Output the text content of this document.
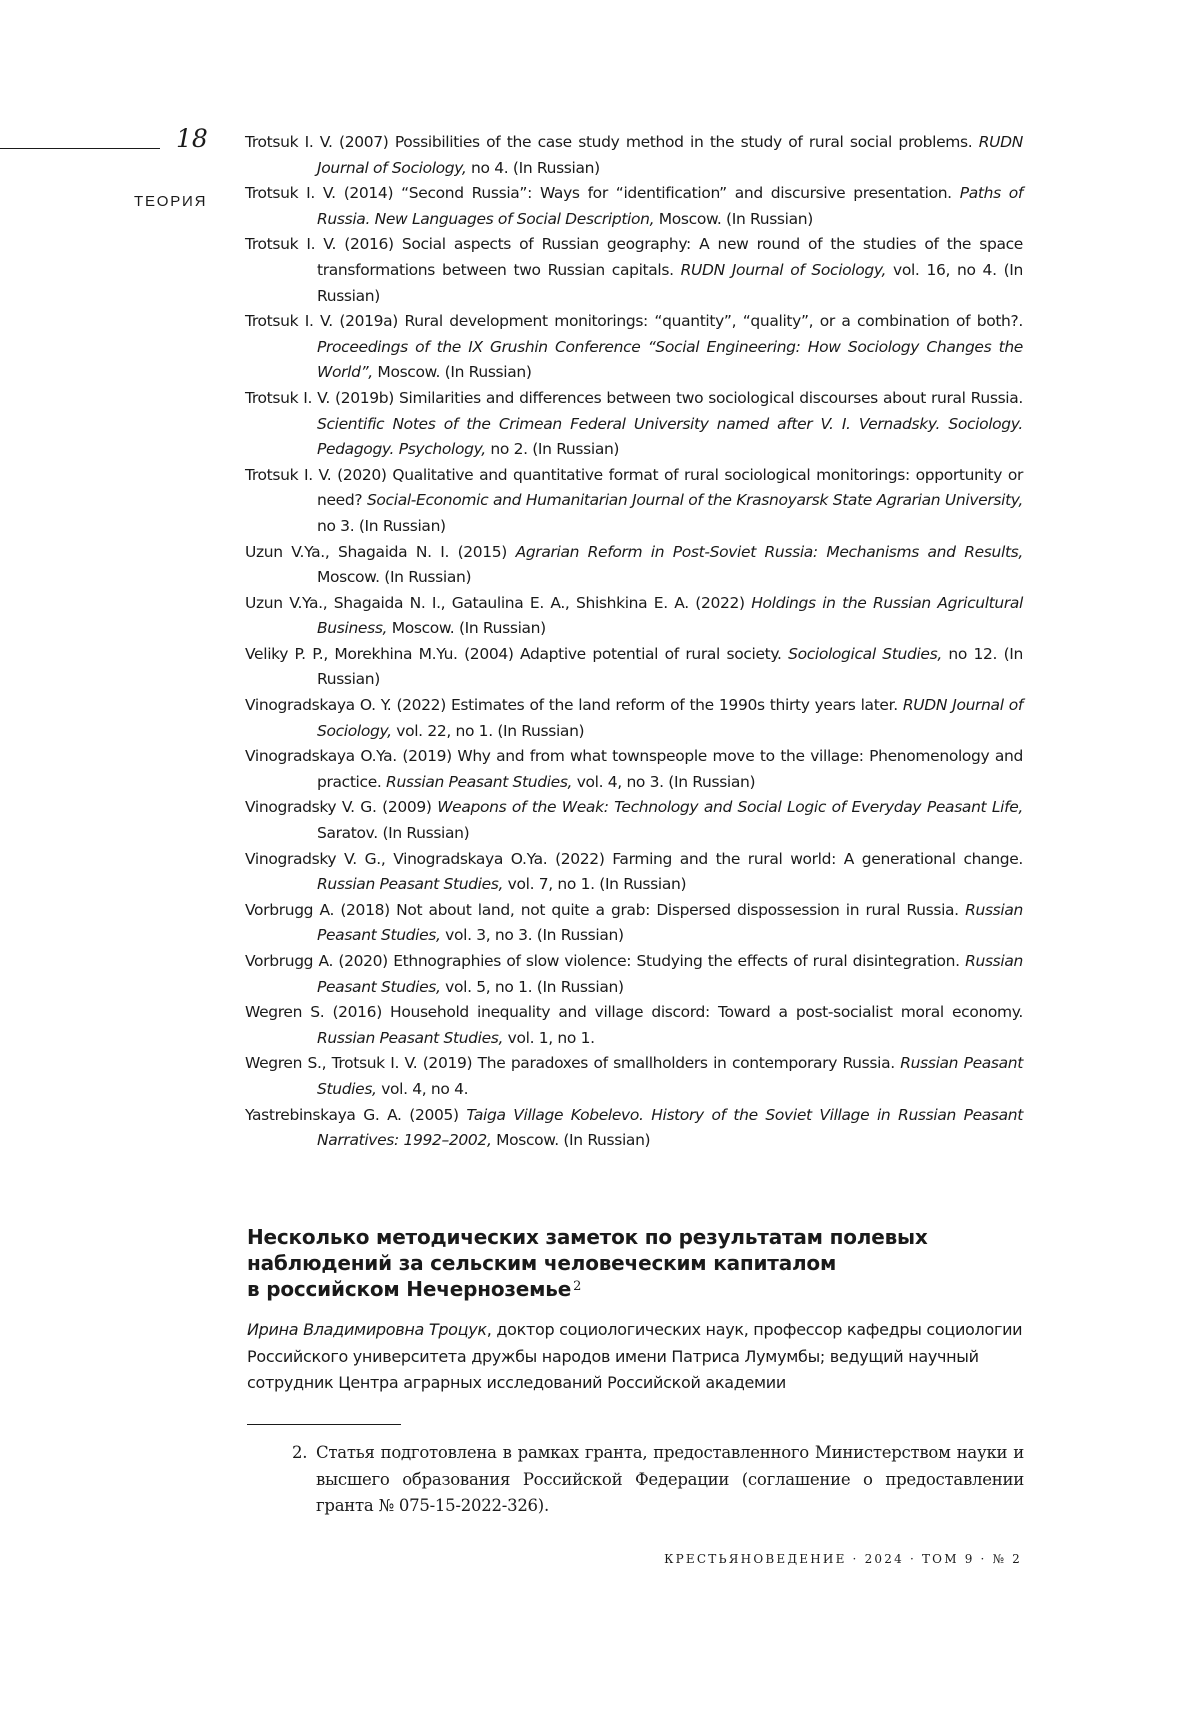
18
ТЕОРИЯ

Trotsuk I. V. (2007) Possibilities of the case study method in the study of rural social problems. RUDN Journal of Sociology, no 4. (In Russian)

Trotsuk I. V. (2014) “Second Russia”: Ways for “identification” and discursive presentation. Paths of Russia. New Languages of Social Description, Moscow. (In Russian)

Trotsuk I. V. (2016) Social aspects of Russian geography: A new round of the studies of the space transformations between two Russian capitals. RUDN Journal of Sociology, vol. 16, no 4. (In Russian)

Trotsuk I. V. (2019a) Rural development monitorings: “quantity”, “quality”, or a combination of both?. Proceedings of the IX Grushin Conference “Social Engineering: How Sociology Changes the World”, Moscow. (In Russian)

Trotsuk I. V. (2019b) Similarities and differences between two sociological discourses about rural Russia. Scientific Notes of the Crimean Federal University named after V. I. Vernadsky. Sociology. Pedagogy. Psychology, no 2. (In Russian)

Trotsuk I. V. (2020) Qualitative and quantitative format of rural sociological monitorings: opportunity or need? Social-Economic and Humanitarian Journal of the Krasnoyarsk State Agrarian University, no 3. (In Russian)

Uzun V.Ya., Shagaida N. I. (2015) Agrarian Reform in Post-Soviet Russia: Mechanisms and Results, Moscow. (In Russian)

Uzun V.Ya., Shagaida N. I., Gataulina E. A., Shishkina E. A. (2022) Holdings in the Russian Agricultural Business, Moscow. (In Russian)

Veliky P. P., Morekhina M.Yu. (2004) Adaptive potential of rural society. Sociological Studies, no 12. (In Russian)

Vinogradskaya O. Y. (2022) Estimates of the land reform of the 1990s thirty years later. RUDN Journal of Sociology, vol. 22, no 1. (In Russian)

Vinogradskaya O.Ya. (2019) Why and from what townspeople move to the village: Phenomenology and practice. Russian Peasant Studies, vol. 4, no 3. (In Russian)

Vinogradsky V. G. (2009) Weapons of the Weak: Technology and Social Logic of Everyday Peasant Life, Saratov. (In Russian)

Vinogradsky V. G., Vinogradskaya O.Ya. (2022) Farming and the rural world: A generational change. Russian Peasant Studies, vol. 7, no 1. (In Russian)

Vorbrugg A. (2018) Not about land, not quite a grab: Dispersed dispossession in rural Russia. Russian Peasant Studies, vol. 3, no 3. (In Russian)

Vorbrugg A. (2020) Ethnographies of slow violence: Studying the effects of rural disintegration. Russian Peasant Studies, vol. 5, no 1. (In Russian)

Wegren S. (2016) Household inequality and village discord: Toward a post-socialist moral economy. Russian Peasant Studies, vol. 1, no 1.

Wegren S., Trotsuk I. V. (2019) The paradoxes of smallholders in contemporary Russia. Russian Peasant Studies, vol. 4, no 4.

Yastrebinskaya G. A. (2005) Taiga Village Kobelevo. History of the Soviet Village in Russian Peasant Narratives: 1992–2002, Moscow. (In Russian)

Несколько методических заметок по результатам полевых
наблюдений за сельским человеческим капиталом
в российском Нечерноземье 2

Ирина Владимировна Троцук, доктор социологических наук, профессор кафедры социологии Российского университета дружбы народов имени Патриса Лумумбы; ведущий научный сотрудник Центра аграрных исследований Российской академии

2. Статья подготовлена в рамках гранта, предоставленного Министерством науки и высшего образования Российской Федерации (соглашение о предоставлении гранта № 075-15-2022-326).
КРЕСТЬЯНОВЕДЕНИЕ · 2024 · ТОМ 9 · № 2
